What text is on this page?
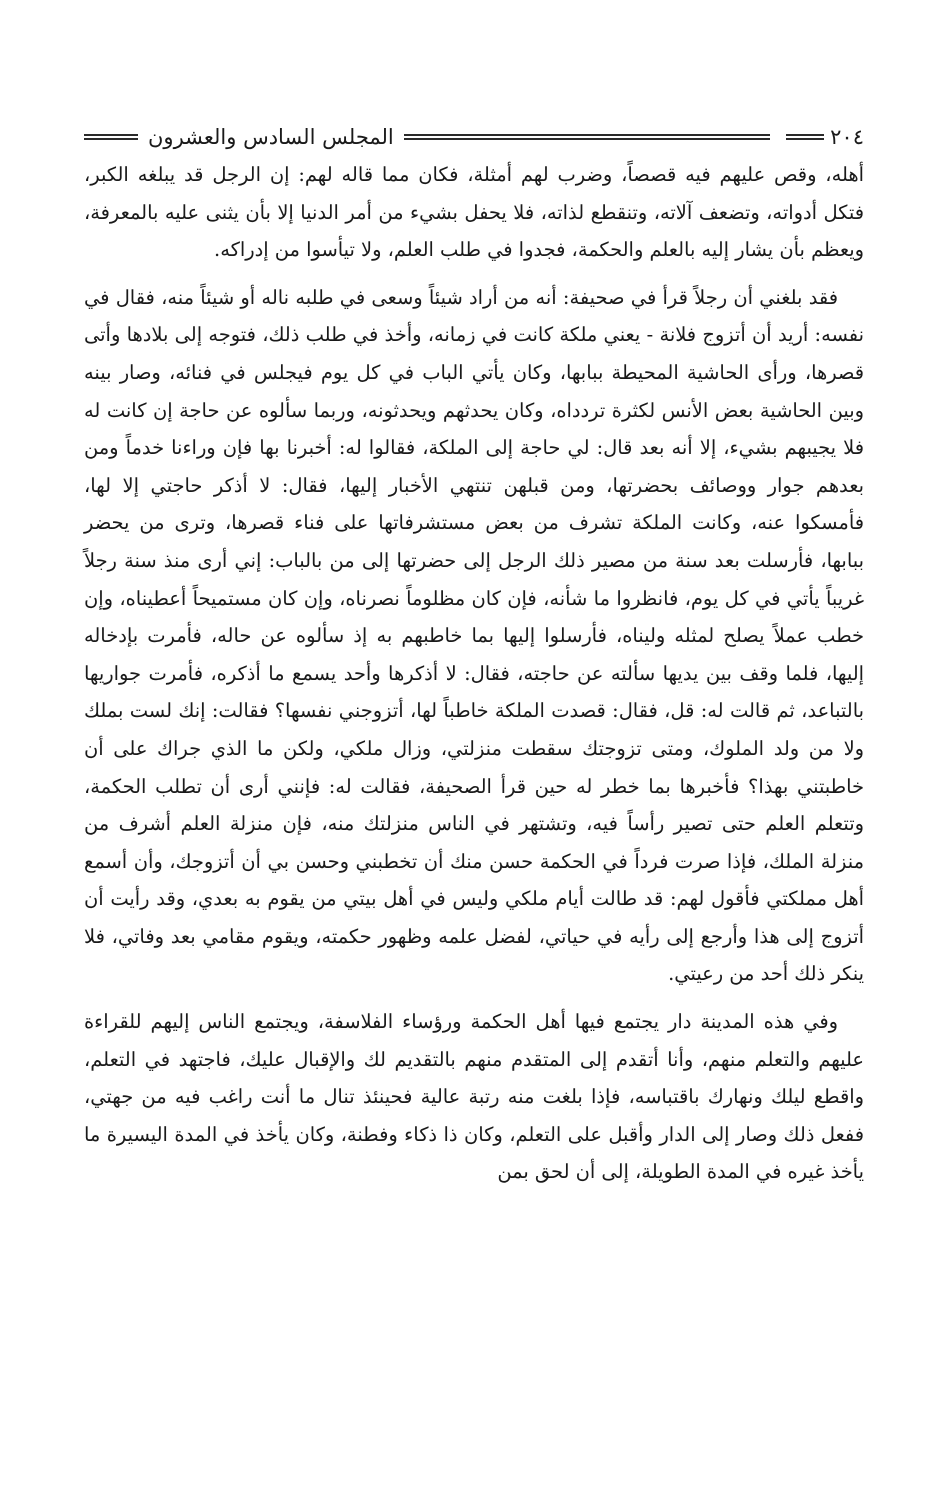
٢٠٤
المجلس السادس والعشرون

أهله، وقص عليهم فيه قصصاً، وضرب لهم أمثلة، فكان مما قاله لهم: إن الرجل قد يبلغه الكبر، فتكل أدواته، وتضعف آلاته، وتنقطع لذاته، فلا يحفل بشيء من أمر الدنيا إلا بأن يثنى عليه بالمعرفة، ويعظم بأن يشار إليه بالعلم والحكمة، فجدوا في طلب العلم، ولا تيأسوا من إدراكه.

فقد بلغني أن رجلاً قرأ في صحيفة: أنه من أراد شيئاً وسعى في طلبه ناله أو شيئاً منه، فقال في نفسه: أريد أن أتزوج فلانة - يعني ملكة كانت في زمانه، وأخذ في طلب ذلك، فتوجه إلى بلادها وأتى قصرها، ورأى الحاشية المحيطة ببابها، وكان يأتي الباب في كل يوم فيجلس في فنائه، وصار بينه وبين الحاشية بعض الأنس لكثرة تردداه، وكان يحدثهم ويحدثونه، وربما سألوه عن حاجة إن كانت له فلا يجيبهم بشيء، إلا أنه بعد قال: لي حاجة إلى الملكة، فقالوا له: أخبرنا بها فإن وراءنا خدماً ومن بعدهم جوار ووصائف بحضرتها، ومن قبلهن تنتهي الأخبار إليها، فقال: لا أذكر حاجتي إلا لها، فأمسكوا عنه، وكانت الملكة تشرف من بعض مستشرفاتها على فناء قصرها، وترى من يحضر ببابها، فأرسلت بعد سنة من مصير ذلك الرجل إلى حضرتها إلى من بالباب: إني أرى منذ سنة رجلاً غريباً يأتي في كل يوم، فانظروا ما شأنه، فإن كان مظلوماً نصرناه، وإن كان مستميحاً أعطيناه، وإن خطب عملاً يصلح لمثله وليناه، فأرسلوا إليها بما خاطبهم به إذ سألوه عن حاله، فأمرت بإدخاله إليها، فلما وقف بين يديها سألته عن حاجته، فقال: لا أذكرها وأحد يسمع ما أذكره، فأمرت جواريها بالتباعد، ثم قالت له: قل، فقال: قصدت الملكة خاطباً لها، أتزوجني نفسها؟ فقالت: إنك لست بملك ولا من ولد الملوك، ومتى تزوجتك سقطت منزلتي، وزال ملكي، ولكن ما الذي جراك على أن خاطبتني بهذا؟ فأخبرها بما خطر له حين قرأ الصحيفة، فقالت له: فإنني أرى أن تطلب الحكمة، وتتعلم العلم حتى تصير رأساً فيه، وتشتهر في الناس منزلتك منه، فإن منزلة العلم أشرف من منزلة الملك، فإذا صرت فرداً في الحكمة حسن منك أن تخطبني وحسن بي أن أتزوجك، وأن أسمع أهل مملكتي فأقول لهم: قد طالت أيام ملكي وليس في أهل بيتي من يقوم به بعدي، وقد رأيت أن أتزوج إلى هذا وأرجع إلى رأيه في حياتي، لفضل علمه وظهور حكمته، ويقوم مقامي بعد وفاتي، فلا ينكر ذلك أحد من رعيتي.

وفي هذه المدينة دار يجتمع فيها أهل الحكمة ورؤساء الفلاسفة، ويجتمع الناس إليهم للقراءة عليهم والتعلم منهم، وأنا أتقدم إلى المتقدم منهم بالتقديم لك والإقبال عليك، فاجتهد في التعلم، واقطع ليلك ونهارك باقتباسه، فإذا بلغت منه رتبة عالية فحينئذ تنال ما أنت راغب فيه من جهتي، ففعل ذلك وصار إلى الدار وأقبل على التعلم، وكان ذا ذكاء وفطنة، وكان يأخذ في المدة اليسيرة ما يأخذ غيره في المدة الطويلة، إلى أن لحق بمن
